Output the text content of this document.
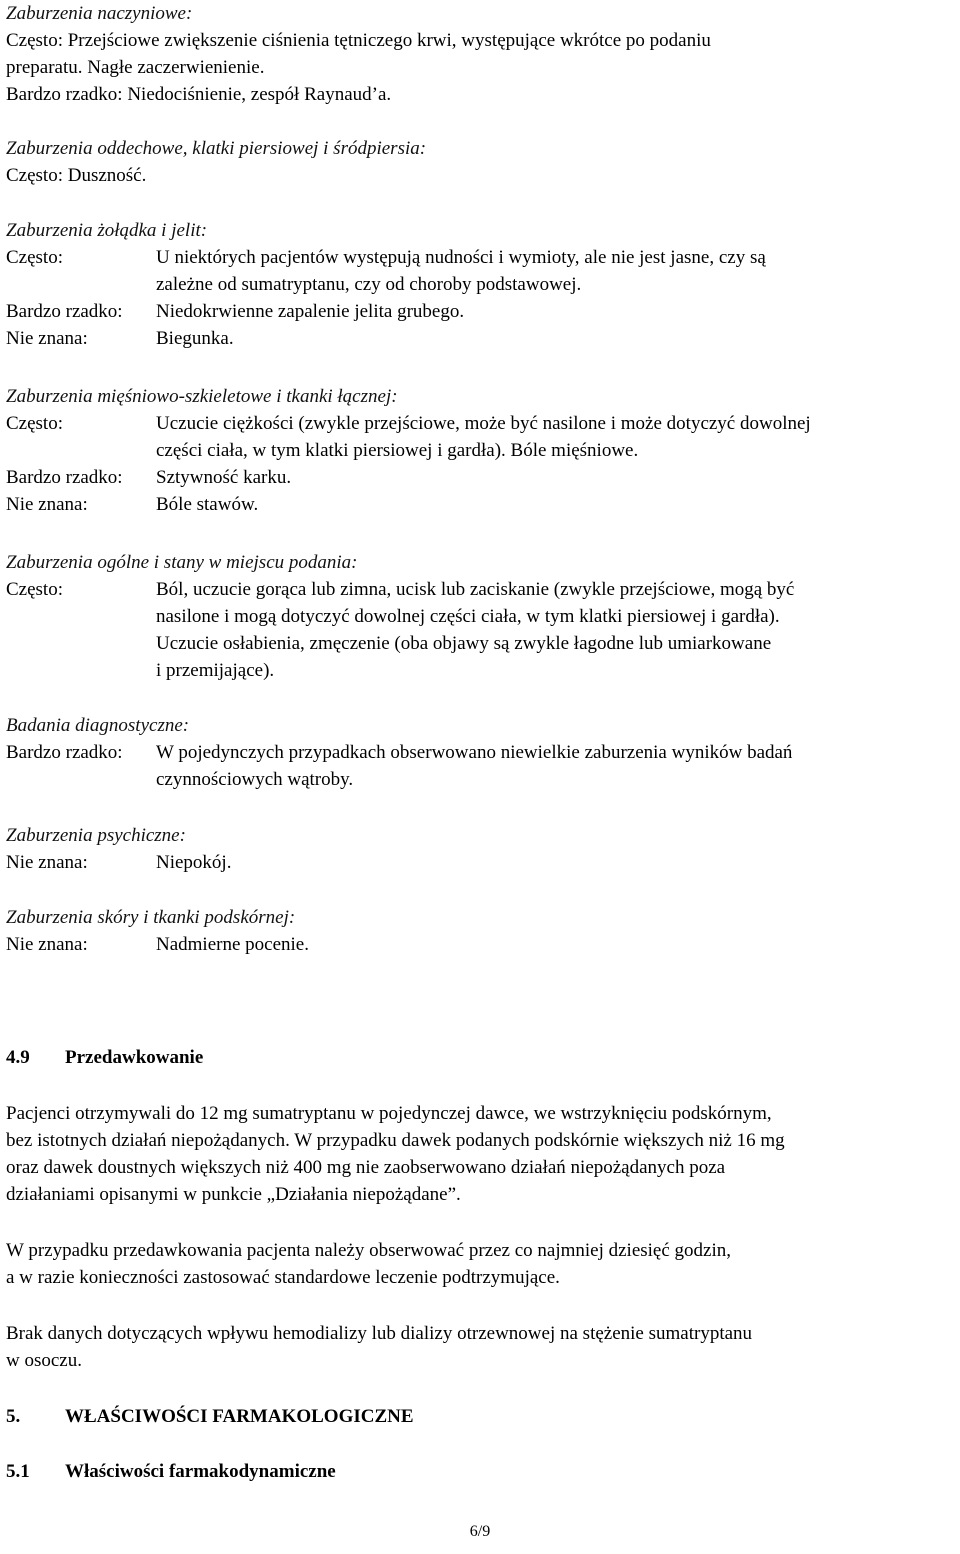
Zaburzenia naczyniowe:
Często: Przejściowe zwiększenie ciśnienia tętniczego krwi, występujące wkrótce po podaniu
preparatu. Nagłe zaczerwienienie.
Bardzo rzadko: Niedociśnienie, zespół Raynaud’a.
Zaburzenia oddechowe, klatki piersiowej i śródpiersia:
Często: Duszność.
Zaburzenia żołądka i jelit:
Często:	U niektórych pacjentów występują nudności i wymioty, ale nie jest jasne, czy są
zależne od sumatryptanu, czy od choroby podstawowej.
Bardzo rzadko:	Niedokrwienne zapalenie jelita grubego.
Nie znana:	Biegunka.
Zaburzenia mięśniowo-szkieletowe i tkanki łącznej:
Często:	Uczucie ciężkości (zwykle przejściowe, może być nasilone i może dotyczyć dowolnej
części ciała, w tym klatki piersiowej i gardła). Bóle mięśniowe.
Bardzo rzadko:	Sztywność karku.
Nie znana:	Bóle stawów.
Zaburzenia ogólne i stany w miejscu podania:
Często:	Ból, uczucie gorąca lub zimna, ucisk lub zaciskanie (zwykle przejściowe, mogą być
nasilone i mogą dotyczyć dowolnej części ciała, w tym klatki piersiowej i gardła).
Uczucie osłabienia, zmęczenie (oba objawy są zwykle łagodne lub umiarkowane
i przemijające).
Badania diagnostyczne:
Bardzo rzadko:	W pojedynczych przypadkach obserwowano niewielkie zaburzenia wyników badań
czynnościowych wątroby.
Zaburzenia psychiczne:
Nie znana:	Niepokój.
Zaburzenia skóry i tkanki podskórnej:
Nie znana:	Nadmierne pocenie.
4.9	Przedawkowanie
Pacjenci otrzymywali do 12 mg sumatryptanu w pojedynczej dawce, we wstrzyknięciu podskórnym,
bez istotnych działań niepożądanych. W przypadku dawek podanych podskórnie większych niż 16 mg
oraz dawek doustnych większych niż 400 mg nie zaobserwowano działań niepożądanych poza
działaniami opisanymi w punkcie „Działania niepożądane”.
W przypadku przedawkowania pacjenta należy obserwować przez co najmniej dziesięć godzin,
a w razie konieczności zastosować standardowe leczenie podtrzymujące.
Brak danych dotyczących wpływu hemodializy lub dializy otrzewnowej na stężenie sumatryptanu
w osoczu.
5.	WŁAŚCIWOŚCI FARMAKOLOGICZNE
5.1	Właściwości farmakodynamiczne
6/9
